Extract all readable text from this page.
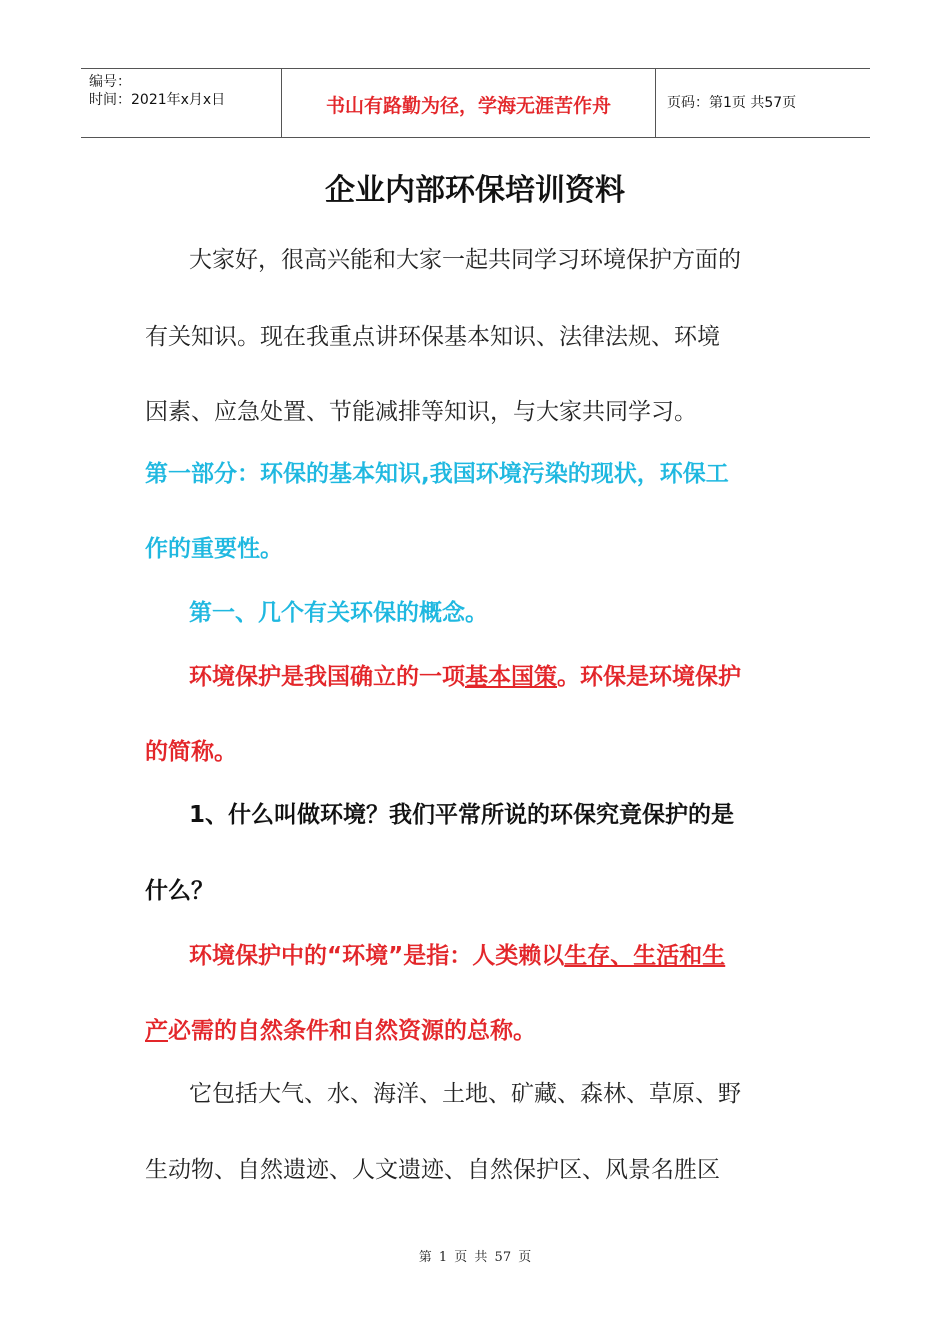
编号：
时间：2021年x月x日	书山有路勤为径，学海无涯苦作舟	页码：第1页 共57页
企业内部环保培训资料
大家好，很高兴能和大家一起共同学习环境保护方面的
有关知识。现在我重点讲环保基本知识、法律法规、环境
因素、应急处置、节能减排等知识，与大家共同学习。
第一部分：环保的基本知识,我国环境污染的现状，环保工
作的重要性。
第一、几个有关环保的概念。
环境保护是我国确立的一项基本国策。环保是环境保护
的简称。
1、什么叫做环境？我们平常所说的环保究竟保护的是
什么？
环境保护中的“环境”是指：人类赖以生存、生活和生
产必需的自然条件和自然资源的总称。
它包括大气、水、海洋、土地、矿藏、森林、草原、野
生动物、自然遗迹、人文遗迹、自然保护区、风景名胜区
第 1 页 共 57 页
